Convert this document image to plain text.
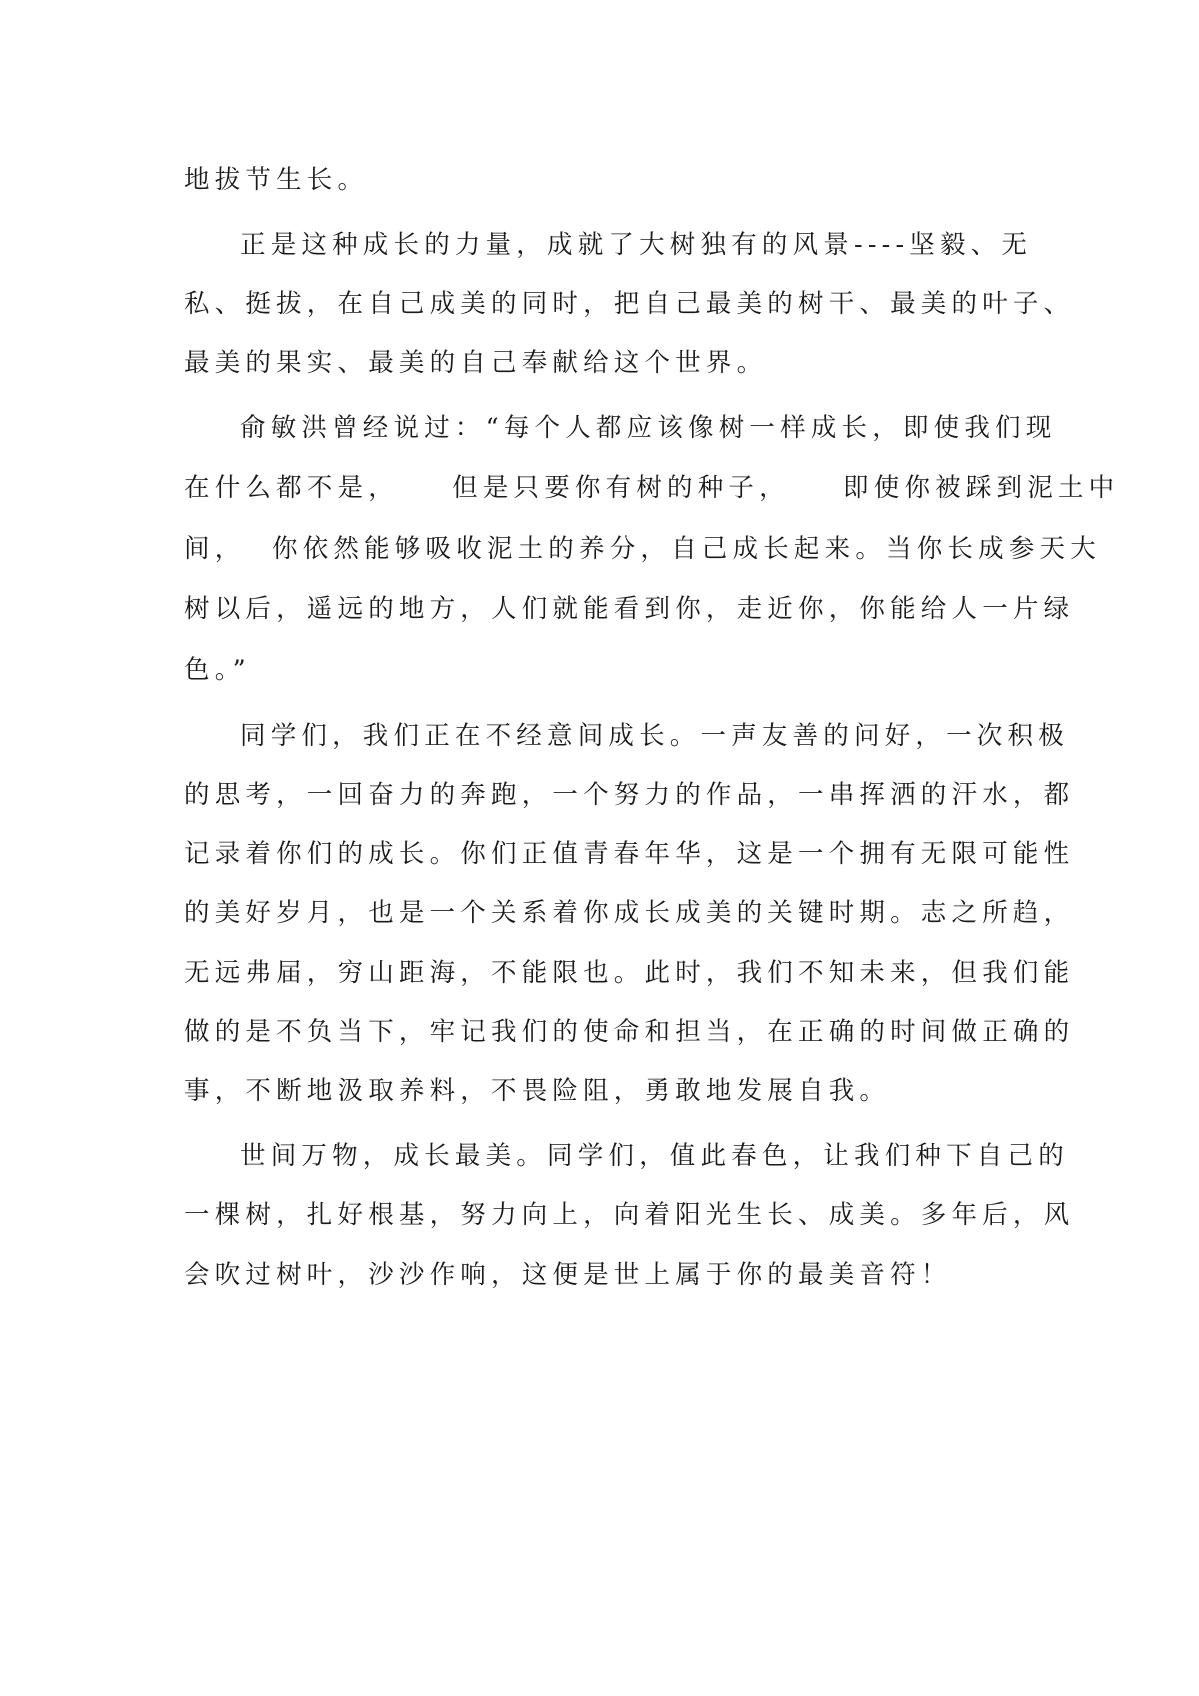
地拔节生长。
正是这种成长的力量，成就了大树独有的风景----坚毅、无
私、挺拔，在自己成美的同时，把自己最美的树干、最美的叶子、
最美的果实、最美的自己奉献给这个世界。
俞敏洪曾经说过：“每个人都应该像树一样成长，即使我们现
在什么都不是，    但是只要你有树的种子，    即使你被踩到泥土中
间，  你依然能够吸收泥土的养分，自己成长起来。当你长成参天大
树以后，遥远的地方，人们就能看到你，走近你，你能给人一片绿
色。”
同学们，我们正在不经意间成长。一声友善的问好，一次积极
的思考，一回奋力的奔跑，一个努力的作品，一串挥洒的汗水，都
记录着你们的成长。你们正值青春年华，这是一个拥有无限可能性
的美好岁月，也是一个关系着你成长成美的关键时期。志之所趋，
无远弗届，穷山距海，不能限也。此时，我们不知未来，但我们能
做的是不负当下，牢记我们的使命和担当，在正确的时间做正确的
事，不断地汲取养料，不畏险阻，勇敢地发展自我。
世间万物，成长最美。同学们，值此春色，让我们种下自己的
一棵树，扎好根基，努力向上，向着阳光生长、成美。多年后，风
会吹过树叶，沙沙作响，这便是世上属于你的最美音符！
